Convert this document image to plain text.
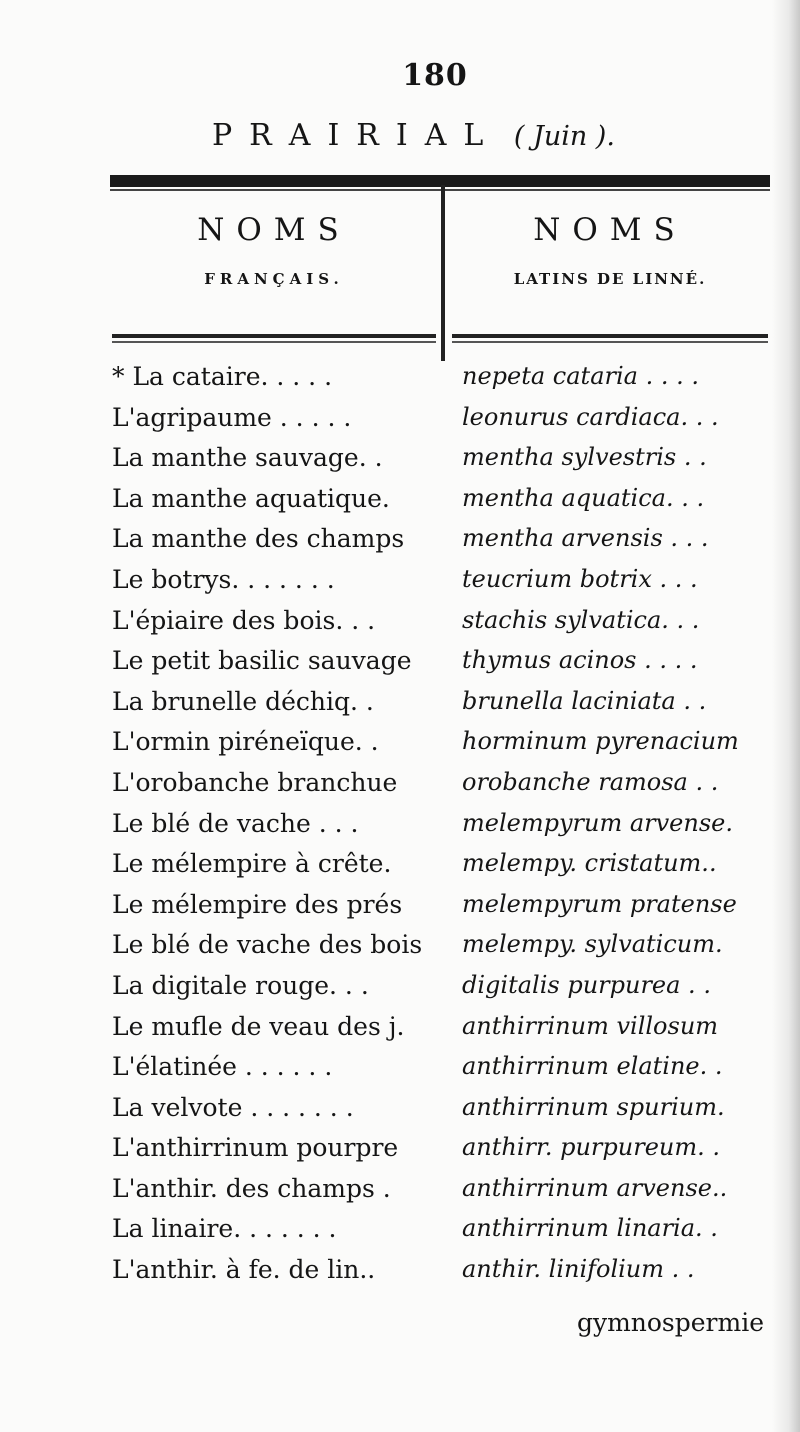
180
PRAIRIAL ( Juin ).
NOMS
FRANÇAIS.
NOMS
LATINS DE LINNÉ.
* La cataire. . . . .	nepeta cataria . . . .
L'agripaume . . . . .	leonurus cardiaca. . .
La manthe sauvage. .	mentha sylvestris . .
La manthe aquatique.	mentha aquatica. . .
La manthe des champs	mentha arvensis . . .
Le botrys. . . . . . .	teucrium botrix . . .
L'épiaire des bois. . .	stachis sylvatica. . .
Le petit basilic sauvage	thymus acinos . . . .
La brunelle déchiq. .	brunella laciniata . .
L'ormin piréneïque. .	horminum pyrenacium
L'orobanche branchue	orobanche ramosa . .
Le blé de vache . . .	melempyrum arvense.
Le mélempire à crête.	melempy. cristatum..
Le mélempire des prés	melempyrum pratense
Le blé de vache des bois	melempy. sylvaticum.
La digitale rouge. . .	digitalis purpurea . .
Le mufle de veau des j.	anthirrinum villosum
L'élatinée . . . . . .	anthirrinum elatine. .
La velvote . . . . . . .	anthirrinum spurium.
L'anthirrinum pourpre	anthirr. purpureum. .
L'anthir. des champs .	anthirrinum arvense..
La linaire. . . . . . .	anthirrinum linaria. .
L'anthir. à fe. de lin..	anthir. linifolium . .
gymnospermie
